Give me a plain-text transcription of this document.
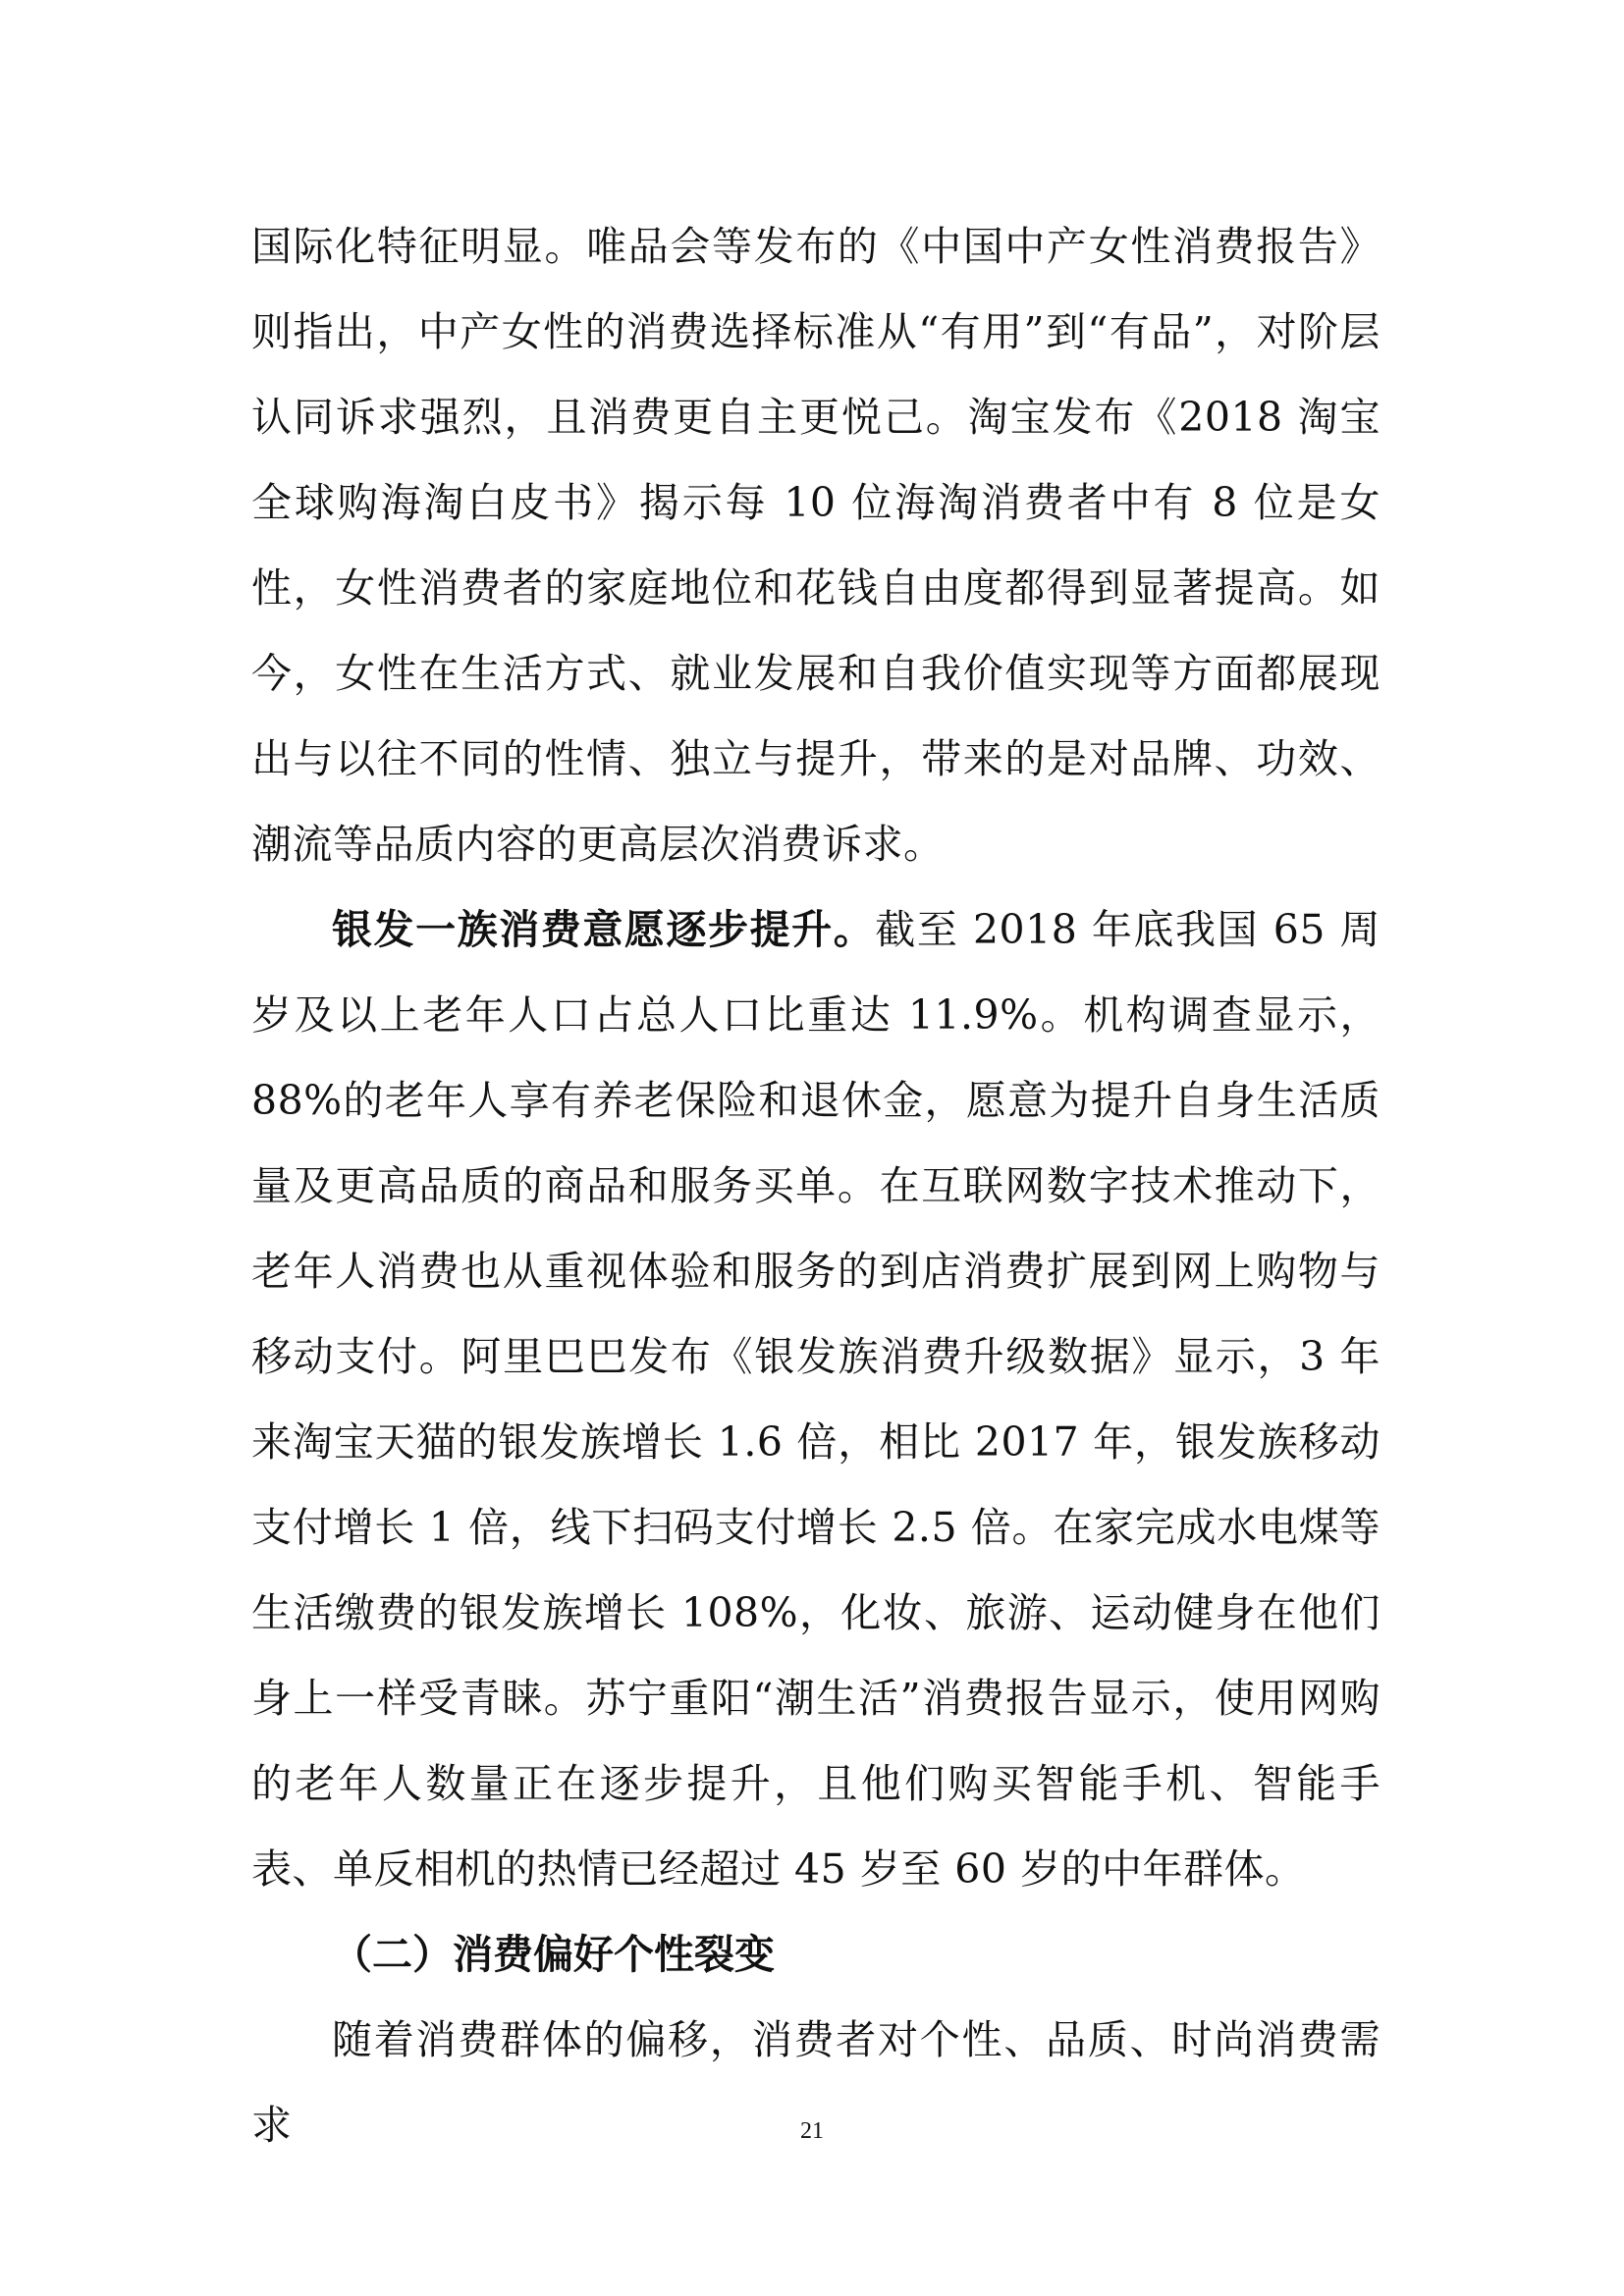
国际化特征明显。唯品会等发布的《中国中产女性消费报告》则指出，中产女性的消费选择标准从“有用”到“有品”，对阶层认同诉求强烈，且消费更自主更悦己。淘宝发布《2018 淘宝全球购海淘白皮书》揭示每 10 位海淘消费者中有 8 位是女性，女性消费者的家庭地位和花钱自由度都得到显著提高。如今，女性在生活方式、就业发展和自我价值实现等方面都展现出与以往不同的性情、独立与提升，带来的是对品牌、功效、潮流等品质内容的更高层次消费诉求。

银发一族消费意愿逐步提升。截至 2018 年底我国 65 周岁及以上老年人口占总人口比重达 11.9%。机构调查显示，88%的老年人享有养老保险和退休金，愿意为提升自身生活质量及更高品质的商品和服务买单。在互联网数字技术推动下，老年人消费也从重视体验和服务的到店消费扩展到网上购物与移动支付。阿里巴巴发布《银发族消费升级数据》显示，3 年来淘宝天猫的银发族增长 1.6 倍，相比 2017 年，银发族移动支付增长 1 倍，线下扫码支付增长 2.5 倍。在家完成水电煤等生活缴费的银发族增长 108%，化妆、旅游、运动健身在他们身上一样受青睐。苏宁重阳“潮生活”消费报告显示，使用网购的老年人数量正在逐步提升，且他们购买智能手机、智能手表、单反相机的热情已经超过 45 岁至 60 岁的中年群体。

（二）消费偏好个性裂变

随着消费群体的偏移，消费者对个性、品质、时尚消费需求	21
